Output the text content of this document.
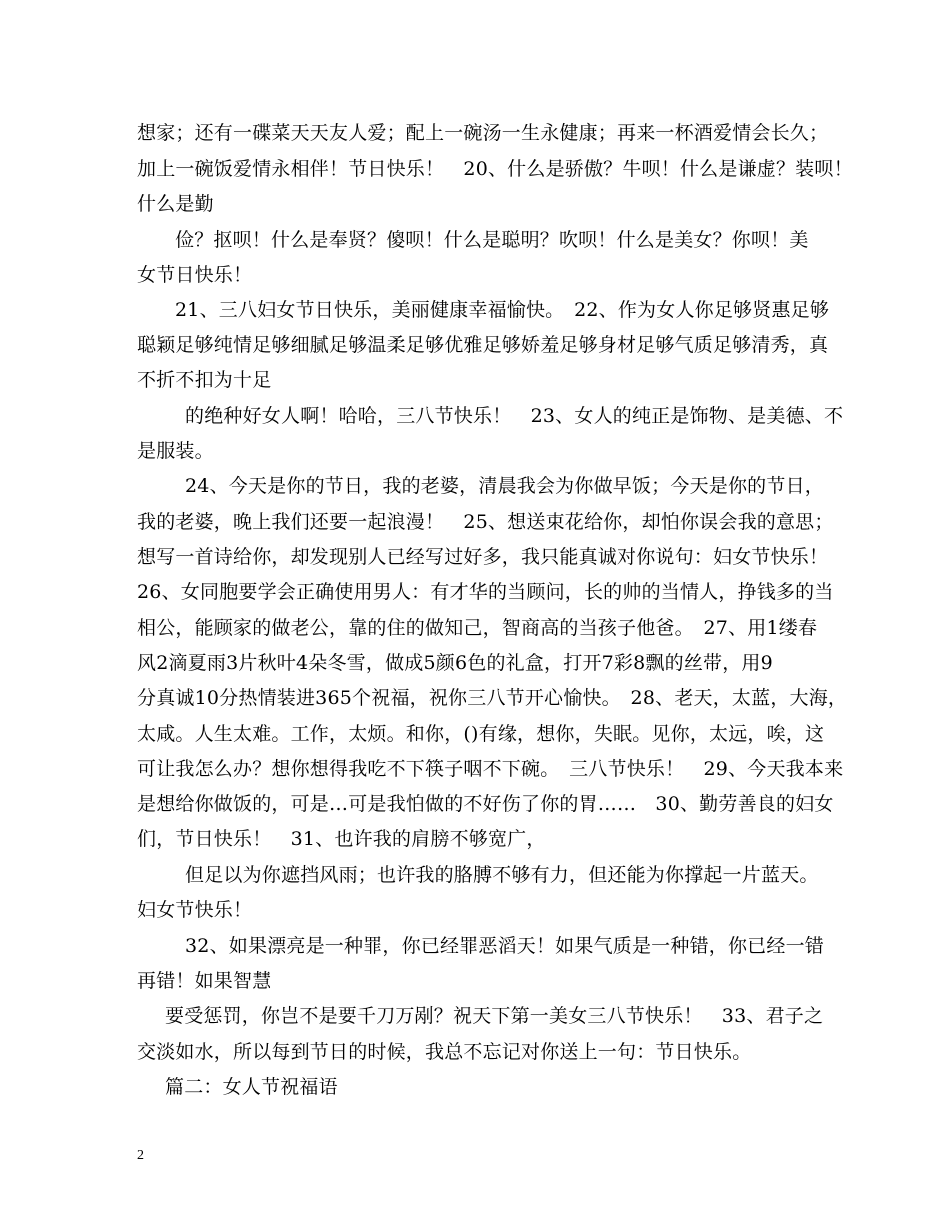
想家；还有一碟菜天天友人爱；配上一碗汤一生永健康；再来一杯酒爱情会长久；
加上一碗饭爱情永相伴！节日快乐！　20、什么是骄傲？牛呗！什么是谦虚？装呗！
什么是勤
俭？抠呗！什么是奉贤？傻呗！什么是聪明？吹呗！什么是美女？你呗！美
女节日快乐！
21、三八妇女节日快乐，美丽健康幸福愉快。　22、作为女人你足够贤惠足够
聪颖足够纯情足够细腻足够温柔足够优雅足够娇羞足够身材足够气质足够清秀，真
不折不扣为十足
的绝种好女人啊！哈哈，三八节快乐！　23、女人的纯正是饰物、是美德、不
是服装。
24、今天是你的节日，我的老婆，清晨我会为你做早饭；今天是你的节日，
我的老婆，晚上我们还要一起浪漫！　25、想送束花给你，却怕你误会我的意思；
想写一首诗给你，却发现别人已经写过好多，我只能真诚对你说句：妇女节快乐！
26、女同胞要学会正确使用男人：有才华的当顾问，长的帅的当情人，挣钱多的当
相公，能顾家的做老公，靠的住的做知己，智商高的当孩子他爸。　27、用1缕春
风2滴夏雨3片秋叶4朵冬雪，做成5颜6色的礼盒，打开7彩8飘的丝带，用9
分真诚10分热情装进365个祝福，祝你三八节开心愉快。　28、老天，太蓝，大海，
太咸。人生太难。工作，太烦。和你，()有缘，想你，失眠。见你，太远，唉，这
可让我怎么办？想你想得我吃不下筷子咽不下碗。　三八节快乐！　29、今天我本来
是想给你做饭的，可是…可是我怕做的不好伤了你的胃……　30、勤劳善良的妇女
们，节日快乐！　31、也许我的肩膀不够宽广，
但足以为你遮挡风雨；也许我的胳膊不够有力，但还能为你撑起一片蓝天。
妇女节快乐！
32、如果漂亮是一种罪，你已经罪恶滔天！如果气质是一种错，你已经一错
再错！如果智慧
要受惩罚，你岂不是要千刀万剐？祝天下第一美女三八节快乐！　33、君子之
交淡如水，所以每到节日的时候，我总不忘记对你送上一句：节日快乐。
篇二：女人节祝福语
2
